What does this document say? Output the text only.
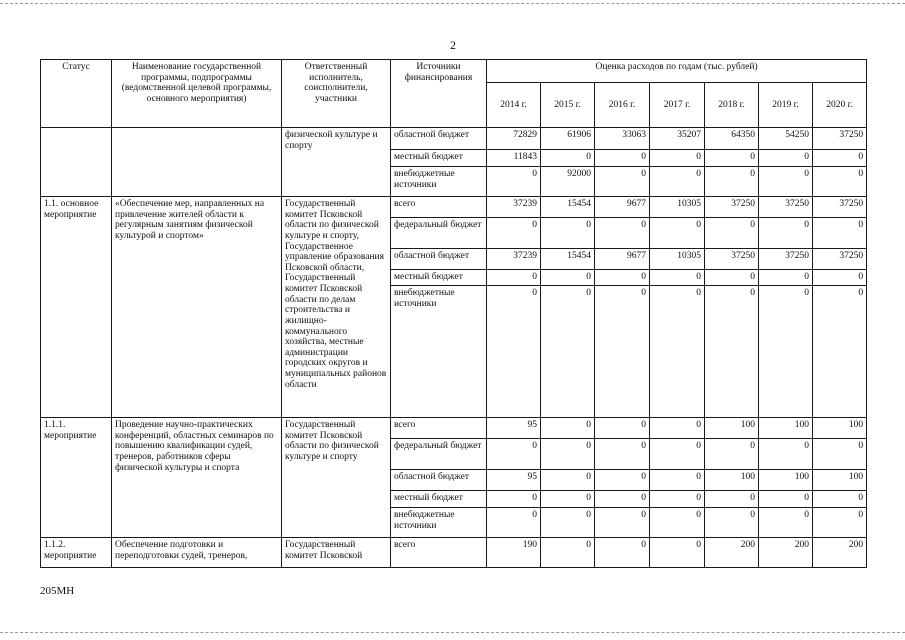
2
Статус	Наименование государственной программы, подпрограммы (ведомственной целевой программы, основного мероприятия)	Ответственный исполнитель, соисполнители, участники	Источники финансирования	Оценка расходов по годам (тыс. рублей)						
				2014 г.	2015 г.	2016 г.	2017 г.	2018 г.	2019 г.	2020 г.
		физической культуре и спорту	областной бюджет	72829	61906	33063	35207	64350	54250	37250
			местный бюджет	11843	0	0	0	0	0	0
			внебюджетные источники	0	92000	0	0	0	0	0
1.1. основное мероприятие	«Обеспечение мер, направленных на привлечение жителей области к регулярным занятиям физической культурой и спортом»	Государственный комитет Псковской области по физической культуре и спорту, Государственное управление образования Псковской области, Государственный комитет Псковской области по делам строительства и жилищно-коммунального хозяйства, местные администрации городских округов и муниципальных районов области	всего	37239	15454	9677	10305	37250	37250	37250
			федеральный бюджет	0	0	0	0	0	0	0
			областной бюджет	37239	15454	9677	10305	37250	37250	37250
			местный бюджет	0	0	0	0	0	0	0
			внебюджетные источники	0	0	0	0	0	0	0
1.1.1. мероприятие	Проведение научно-практических конференций, областных семинаров по повышению квалификации судей, тренеров, работников сферы физической культуры и спорта	Государственный комитет Псковской области по физической культуре и спорту	всего	95	0	0	0	100	100	100
			федеральный бюджет	0	0	0	0	0	0	0
			областной бюджет	95	0	0	0	100	100	100
			местный бюджет	0	0	0	0	0	0	0
			внебюджетные источники	0	0	0	0	0	0	0
1.1.2. мероприятие	Обеспечение подготовки и переподготовки судей, тренеров,	Государственный комитет Псковской	всего	190	0	0	0	200	200	200
205МН
